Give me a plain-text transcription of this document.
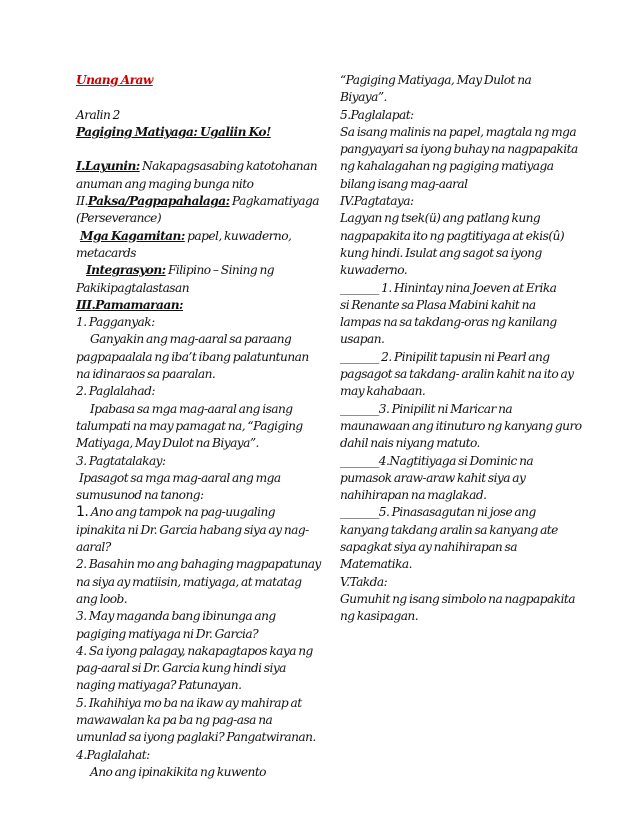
Unang Araw
Aralin 2
Pagiging Matiyaga: Ugaliin Ko!
I.Layunin: Nakapagsasabing katotohanan
anuman ang maging bunga nito
II.Paksa/Pagpapahalaga: Pagkamatiyaga
(Perseverance)
Mga Kagamitan: papel, kuwaderno,
metacards
Integrasyon: Filipino – Sining ng
Pakikipagtalastasan
III.Pamamaraan:
1. Pagganyak:
Ganyakin ang mag-aaral sa paraang
pagpapaalala ng iba’t ibang palatuntunan
na idinaraos sa paaralan.
2. Paglalahad:
Ipabasa sa mga mag-aaral ang isang
talumpati na may pamagat na, “Pagiging
Matiyaga, May Dulot na Biyaya”.
3. Pagtatalakay:
Ipasagot sa mga mag-aaral ang mga
sumusunod na tanong:
1. Ano ang tampok na pag-uugaling
ipinakita ni Dr. Garcia habang siya ay nag-
aaral?
2. Basahin mo ang bahaging magpapatunay
na siya ay matiisin, matiyaga, at matatag
ang loob.
3. May maganda bang ibinunga ang
pagiging matiyaga ni Dr. Garcia?
4. Sa iyong palagay, nakapagtapos kaya ng
pag-aaral si Dr. Garcia kung hindi siya
naging matiyaga? Patunayan.
5. Ikahihiya mo ba na ikaw ay mahirap at
mawawalan ka pa ba ng pag-asa na
umunlad sa iyong paglaki? Pangatwiranan.
4.Paglalahat:
Ano ang ipinakikita ng kuwento
“Pagiging Matiyaga, May Dulot na
Biyaya”.
5.Paglalapat:
Sa isang malinis na papel, magtala ng mga
pangyayari sa iyong buhay na nagpapakita
ng kahalagahan ng pagiging matiyaga
bilang isang mag-aaral
IV.Pagtataya:
Lagyan ng tsek(ü) ang patlang kung
nagpapakita ito ng pagtitiyaga at ekis(û)
kung hindi. Isulat ang sagot sa iyong
kuwaderno.
_______ 1. Hinintay nina Joeven at Erika
si Renante sa Plasa Mabini kahit na
lampas na sa takdang-oras ng kanilang
usapan.
_______ 2. Pinipilit tapusin ni Pearl ang
pagsagot sa takdang- aralin kahit na ito ay
may kahabaan.
_______3. Pinipilit ni Maricar na
maunawaan ang itinuturo ng kanyang guro
dahil nais niyang matuto.
_______4.Nagtitiyaga si Dominic na
pumasok araw-araw kahit siya ay
nahihirapan na maglakad.
_______5. Pinasasagutan ni jose ang
kanyang takdang aralin sa kanyang ate
sapagkat siya ay nahihirapan sa
Matematika.
V.Takda:
Gumuhit ng isang simbolo na nagpapakita
ng kasipagan.
